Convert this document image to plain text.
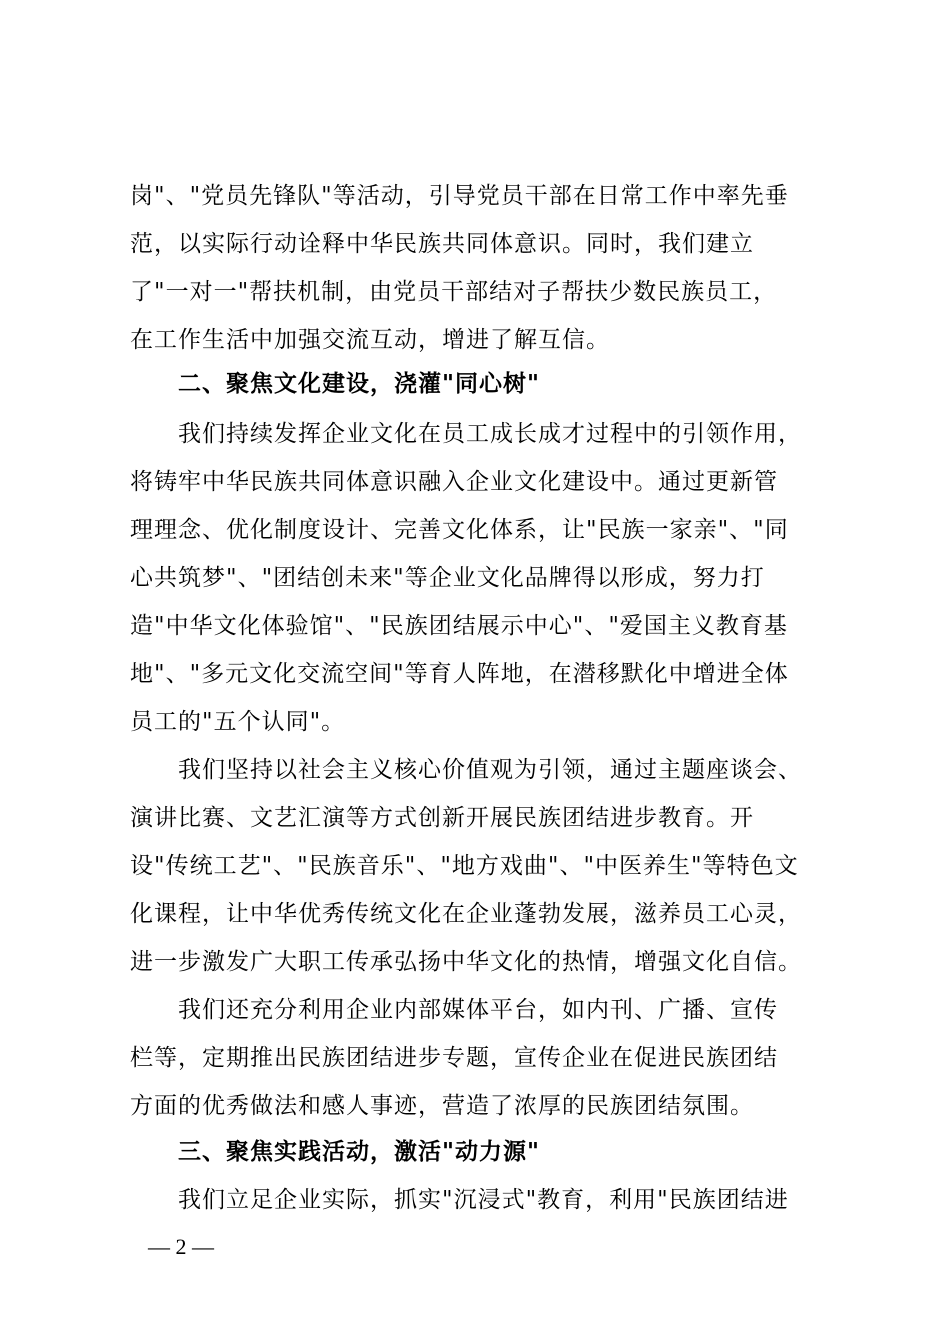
岗"、"党员先锋队"等活动，引导党员干部在日常工作中率先垂
范，以实际行动诠释中华民族共同体意识。同时，我们建立
了"一对一"帮扶机制，由党员干部结对子帮扶少数民族员工，
在工作生活中加强交流互动，增进了解互信。
二、聚焦文化建设，浇灌"同心树"
我们持续发挥企业文化在员工成长成才过程中的引领作用，
将铸牢中华民族共同体意识融入企业文化建设中。通过更新管
理理念、优化制度设计、完善文化体系，让"民族一家亲"、"同
心共筑梦"、"团结创未来"等企业文化品牌得以形成，努力打
造"中华文化体验馆"、"民族团结展示中心"、"爱国主义教育基
地"、"多元文化交流空间"等育人阵地，在潜移默化中增进全体
员工的"五个认同"。
我们坚持以社会主义核心价值观为引领，通过主题座谈会、
演讲比赛、文艺汇演等方式创新开展民族团结进步教育。开
设"传统工艺"、"民族音乐"、"地方戏曲"、"中医养生"等特色文
化课程，让中华优秀传统文化在企业蓬勃发展，滋养员工心灵，
进一步激发广大职工传承弘扬中华文化的热情，增强文化自信。
我们还充分利用企业内部媒体平台，如内刊、广播、宣传
栏等，定期推出民族团结进步专题，宣传企业在促进民族团结
方面的优秀做法和感人事迹，营造了浓厚的民族团结氛围。
三、聚焦实践活动，激活"动力源"
我们立足企业实际，抓实"沉浸式"教育，利用"民族团结进
— 2 —
